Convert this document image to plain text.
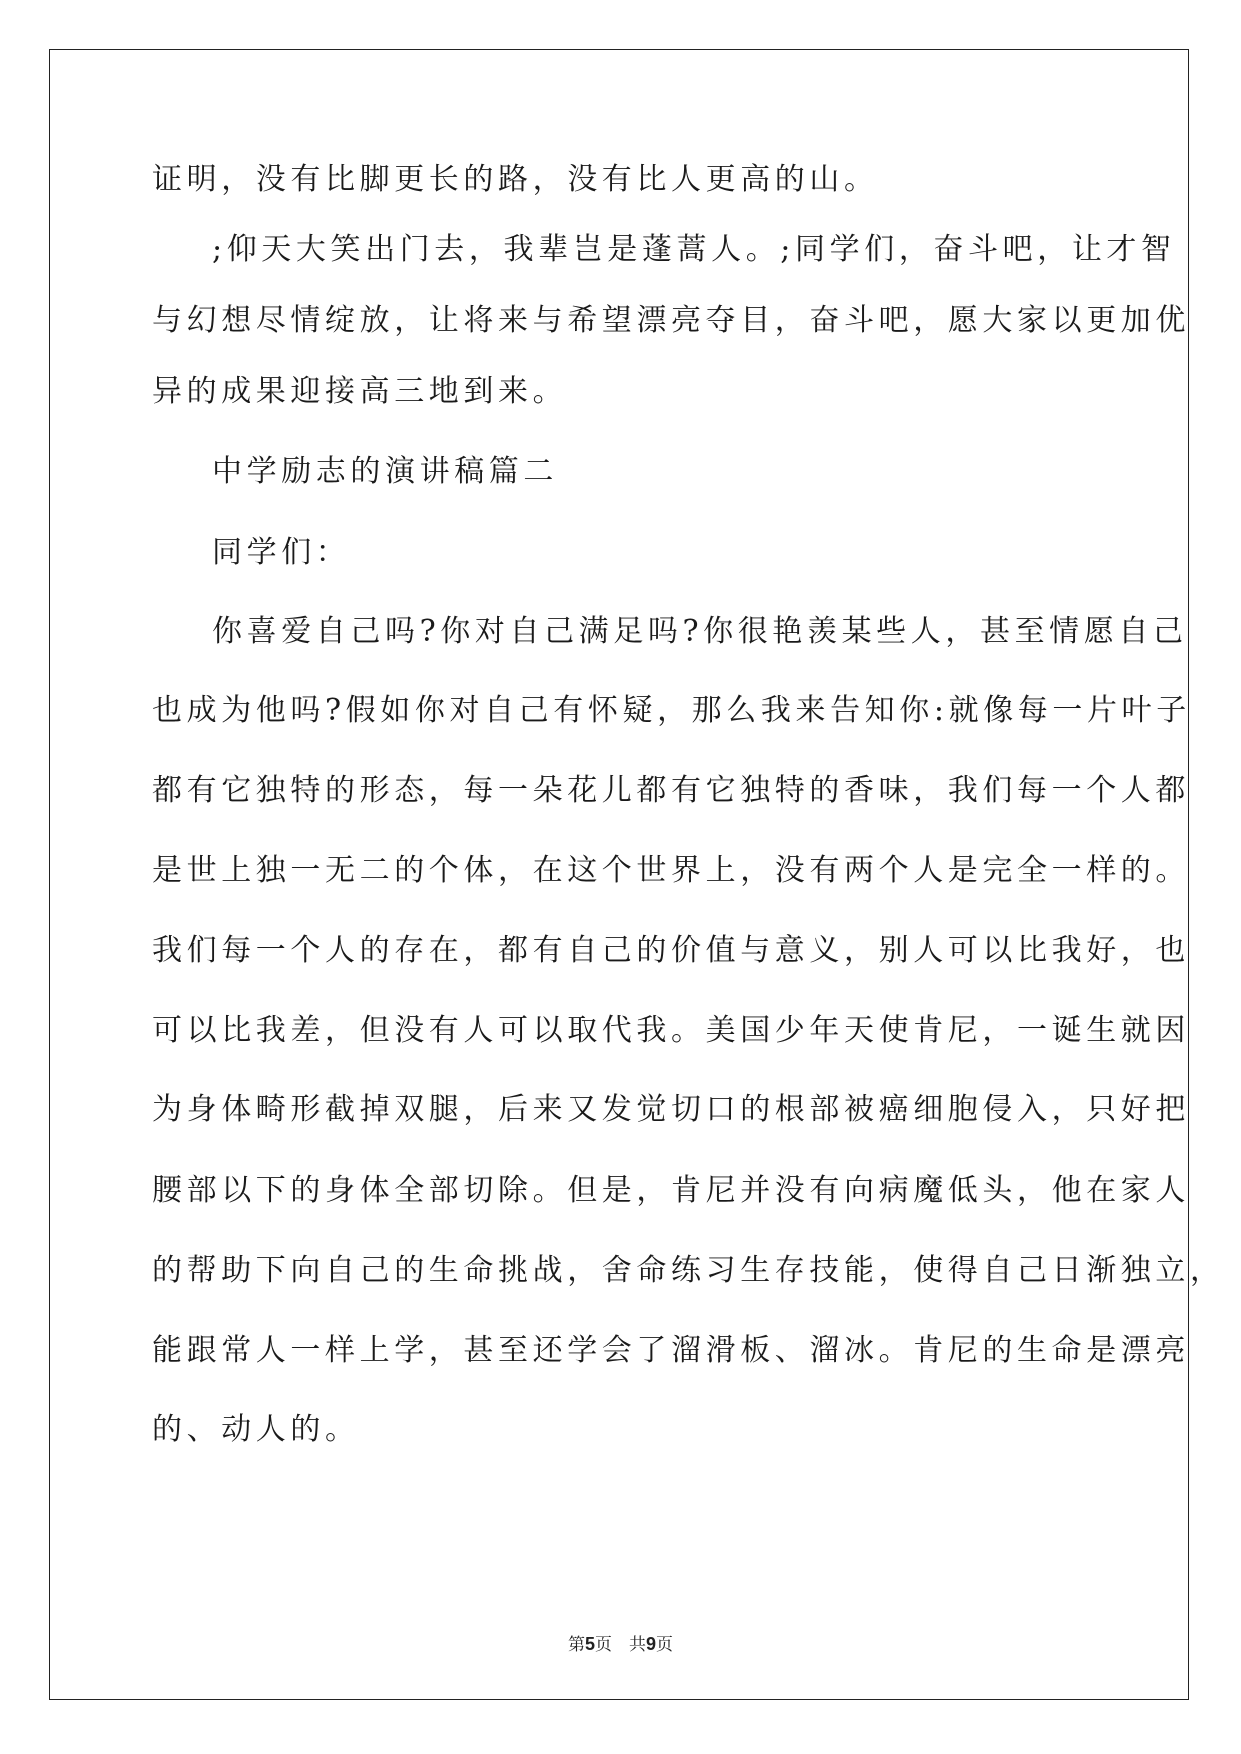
证明，没有比脚更长的路，没有比人更高的山。
;仰天大笑出门去，我辈岂是蓬蒿人。;同学们，奋斗吧，让才智
与幻想尽情绽放，让将来与希望漂亮夺目，奋斗吧，愿大家以更加优
异的成果迎接高三地到来。
中学励志的演讲稿篇二
同学们：
你喜爱自己吗?你对自己满足吗?你很艳羡某些人，甚至情愿自己
也成为他吗?假如你对自己有怀疑，那么我来告知你:就像每一片叶子
都有它独特的形态，每一朵花儿都有它独特的香味，我们每一个人都
是世上独一无二的个体，在这个世界上，没有两个人是完全一样的。
我们每一个人的存在，都有自己的价值与意义，别人可以比我好，也
可以比我差，但没有人可以取代我。美国少年天使肯尼，一诞生就因
为身体畸形截掉双腿，后来又发觉切口的根部被癌细胞侵入，只好把
腰部以下的身体全部切除。但是，肯尼并没有向病魔低头，他在家人
的帮助下向自己的生命挑战，舍命练习生存技能，使得自己日渐独立，
能跟常人一样上学，甚至还学会了溜滑板、溜冰。肯尼的生命是漂亮
的、动人的。
第5页　共9页
